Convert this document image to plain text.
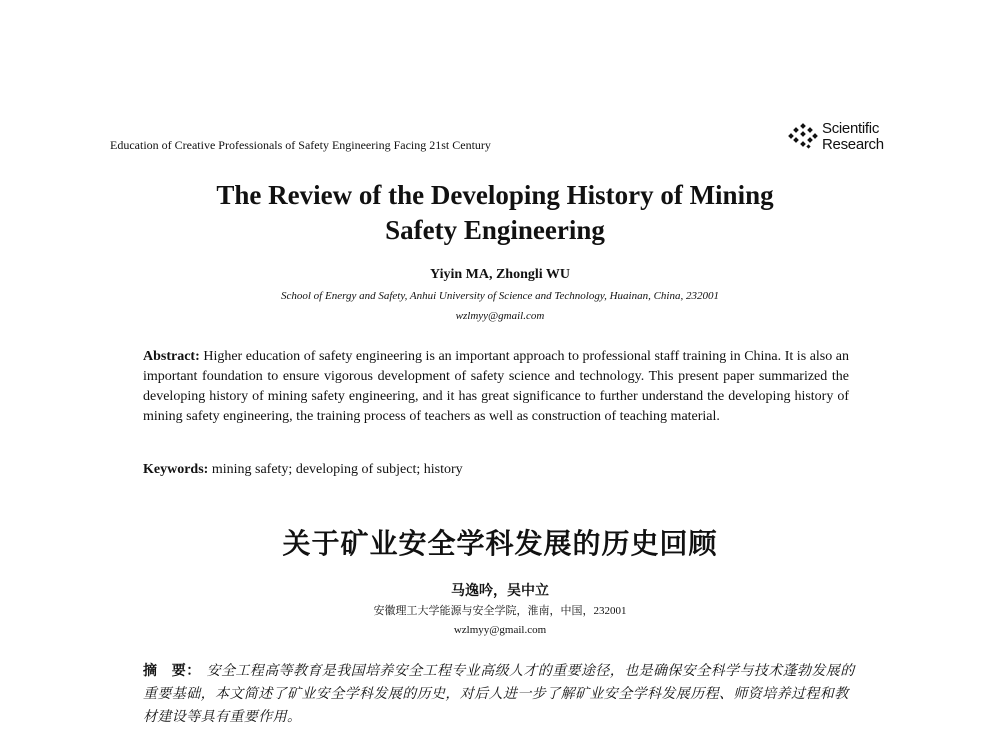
Education of Creative Professionals of Safety Engineering Facing 21st Century
Scientific
Research
The Review of the Developing History of Mining
Safety Engineering
Yiyin MA, Zhongli WU
School of Energy and Safety, Anhui University of Science and Technology, Huainan, China, 232001
wzlmyy@gmail.com

Abstract: Higher education of safety engineering is an important approach to professional staff training in China. It is also an important foundation to ensure vigorous development of safety science and technology. This present paper summarized the developing history of mining safety engineering, and it has great significance to further understand the developing history of mining safety engineering, the training process of teachers as well as construction of teaching material.

Keywords: mining safety; developing of subject; history

关于矿业安全学科发展的历史回顾
马逸吟，吴中立
安徽理工大学能源与安全学院，淮南，中国，232001
wzlmyy@gmail.com

摘　要： 安全工程高等教育是我国培养安全工程专业高级人才的重要途径，也是确保安全科学与技术蓬勃发展的重要基础，本文简述了矿业安全学科发展的历史，对后人进一步了解矿业安全学科发展历程、师资培养过程和教材建设等具有重要作用。
